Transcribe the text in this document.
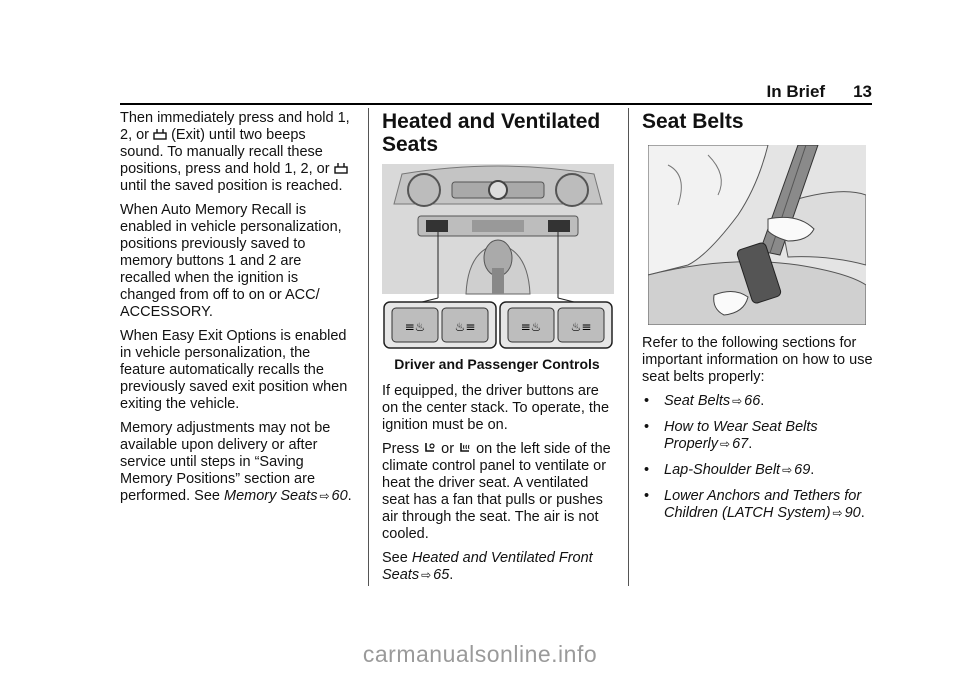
In Brief 13

Then immediately press and hold 1, 2, or (Exit) until two beeps sound. To manually recall these positions, press and hold 1, 2, or  until the saved position is reached.

When Auto Memory Recall is enabled in vehicle personalization, positions previously saved to memory buttons 1 and 2 are recalled when the ignition is changed from off to on or ACC/ ACCESSORY.

When Easy Exit Options is enabled in vehicle personalization, the feature automatically recalls the previously saved exit position when exiting the vehicle.

Memory adjustments may not be available upon delivery or after service until steps in “Saving Memory Positions” section are performed. See Memory Seats ⇨ 60.

Heated and Ventilated Seats
≡♨ ♨≡	≡♨ ♨≡
Driver and Passenger Controls

If equipped, the driver buttons are on the center stack. To operate, the ignition must be on.

Press or on the left side of the climate control panel to ventilate or heat the driver seat. A ventilated seat has a fan that pulls or pushes air through the seat. The air is not cooled.

See Heated and Ventilated Front Seats ⇨ 65.

Seat Belts

Refer to the following sections for important information on how to use seat belts properly:

• Seat Belts ⇨ 66.
• How to Wear Seat Belts Properly ⇨ 67.
• Lap-Shoulder Belt ⇨ 69.
• Lower Anchors and Tethers for Children (LATCH System) ⇨ 90.
carmanualsonline.info
